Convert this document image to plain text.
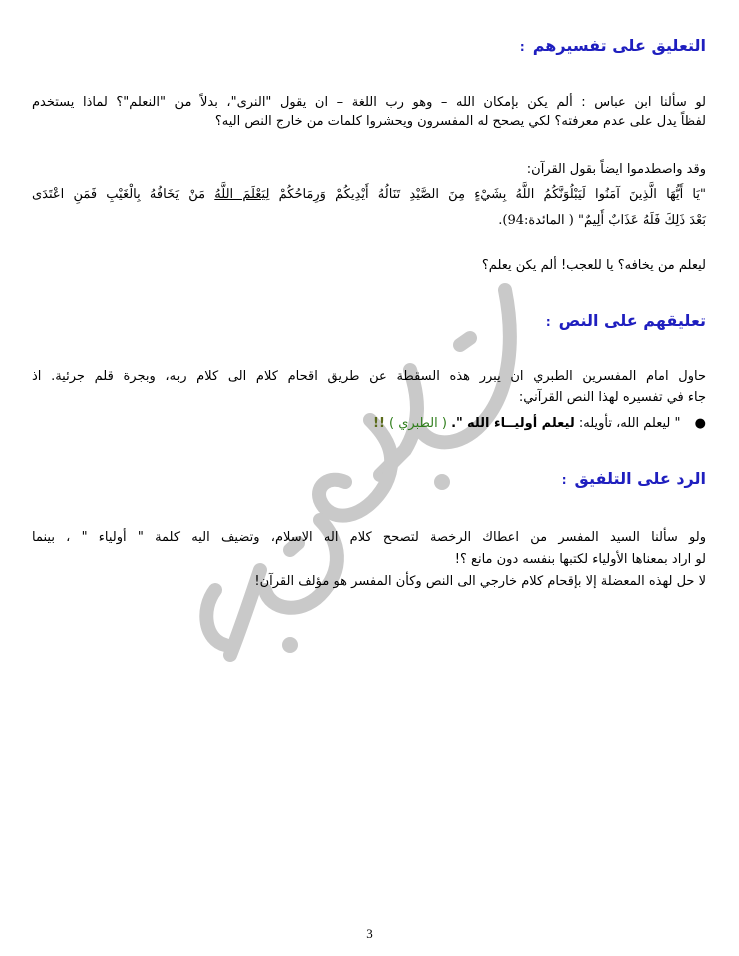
التعليق على تفسيرهم:
لو سألنا ابن عباس : ألم يكن بإمكان الله – وهو رب اللغة – ان يقول "النرى"، بدلاً من "النعلم"؟ لماذا يستخدم
لفظاً يدل على عدم معرفته؟ لكي يصحح له المفسرون ويحشروا كلمات من خارج النص اليه؟
وقد واصطدموا ايضاً بقول القرآن:
"يَا أَيُّهَا الَّذِينَ آمَنُوا لَيَبْلُوَنَّكُمُ اللَّهُ بِشَيْءٍ مِنَ الصَّيْدِ تَنَالُهُ أَيْدِيكُمْ وَرِمَاحُكُمْ لِيَعْلَمَ اللَّهُ مَنْ يَخَافُهُ بِالْغَيْبِ فَمَنِ اعْتَدَى
بَعْدَ ذَلِكَ فَلَهُ عَذَابٌ أَلِيمٌ" ( المائدة:94).
ليعلم من يخافه؟ يا للعجب! ألم يكن يعلم؟
تعليقهم على النص:
حاول امام المفسرين الطبري ان يبرر هذه السقطة عن طريق اقحام كلام الى كلام ربه، وبجرة قلم جرئية. اذ
جاء في تفسيره لهذا النص القرآني:
● " ليعلم الله، تأويله: ليعلم أوليــاء الله ". ( الطبري ) !!
الرد على التلفيق:
ولو سألنا السيد المفسر من اعطاك الرخصة لتصحح كلام اله الاسلام، وتضيف اليه كلمة " أولياء " ، بينما
لو اراد بمعناها الأولياء لكتبها بنفسه دون مانع ؟!
لا حل لهذه المعضلة إلا بإقحام كلام خارجي الى النص وكأن المفسر هو مؤلف القرآن!
3
